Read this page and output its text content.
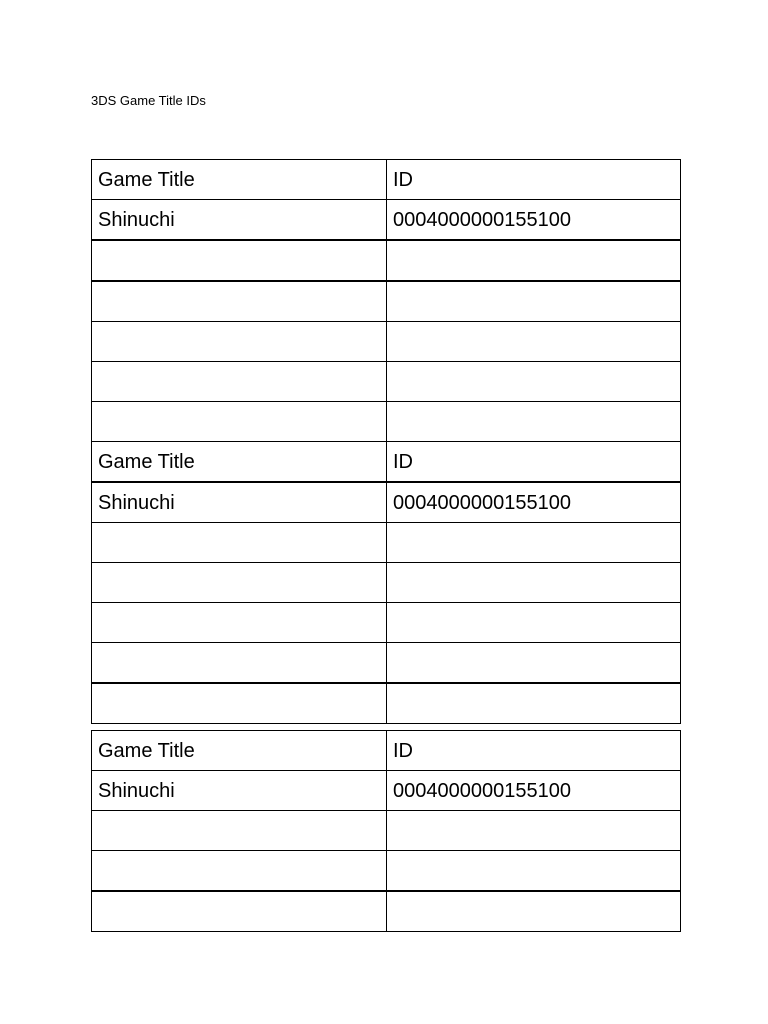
3DS Game Title IDs
Game Title	ID
Shinuchi	0004000000155100

Game Title	ID
Shinuchi	0004000000155100

Game Title	ID
Shinuchi	0004000000155100
